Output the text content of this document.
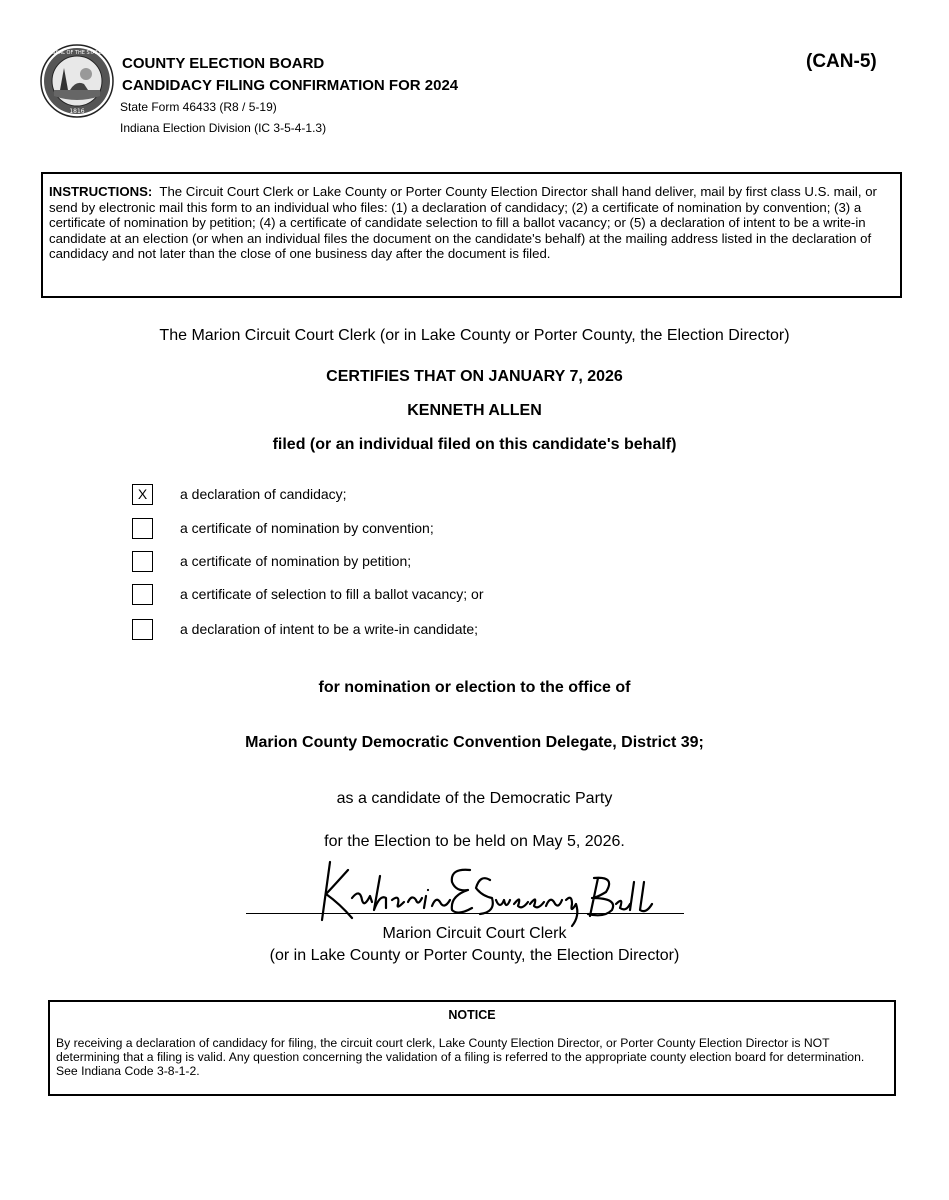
SEAL OF THE STATE
1816
COUNTY ELECTION BOARD
CANDIDACY FILING CONFIRMATION FOR 2024
State Form 46433 (R8 / 5-19)
Indiana Election Division (IC 3-5-4-1.3)
(CAN-5)
INSTRUCTIONS: The Circuit Court Clerk or Lake County or Porter County Election Director shall hand deliver, mail by first class U.S. mail, or send by electronic mail this form to an individual who files: (1) a declaration of candidacy; (2) a certificate of nomination by convention; (3) a certificate of nomination by petition; (4) a certificate of candidate selection to fill a ballot vacancy; or (5) a declaration of intent to be a write-in candidate at an election (or when an individual files the document on the candidate's behalf) at the mailing address listed in the declaration of candidacy and not later than the close of one business day after the document is filed.
The Marion Circuit Court Clerk (or in Lake County or Porter County, the Election Director)
CERTIFIES THAT ON JANUARY 7, 2026
KENNETH ALLEN
filed (or an individual filed on this candidate's behalf)
X	a declaration of candidacy;
a certificate of nomination by convention;
a certificate of nomination by petition;
a certificate of selection to fill a ballot vacancy; or
a declaration of intent to be a write-in candidate;
for nomination or election to the office of
Marion County Democratic Convention Delegate, District 39;
as a candidate of the Democratic Party
for the Election to be held on May 5, 2026.
Marion Circuit Court Clerk
(or in Lake County or Porter County, the Election Director)
NOTICE
By receiving a declaration of candidacy for filing, the circuit court clerk, Lake County Election Director, or Porter County Election Director is NOT determining that a filing is valid. Any question concerning the validation of a filing is referred to the appropriate county election board for determination. See Indiana Code 3-8-1-2.
